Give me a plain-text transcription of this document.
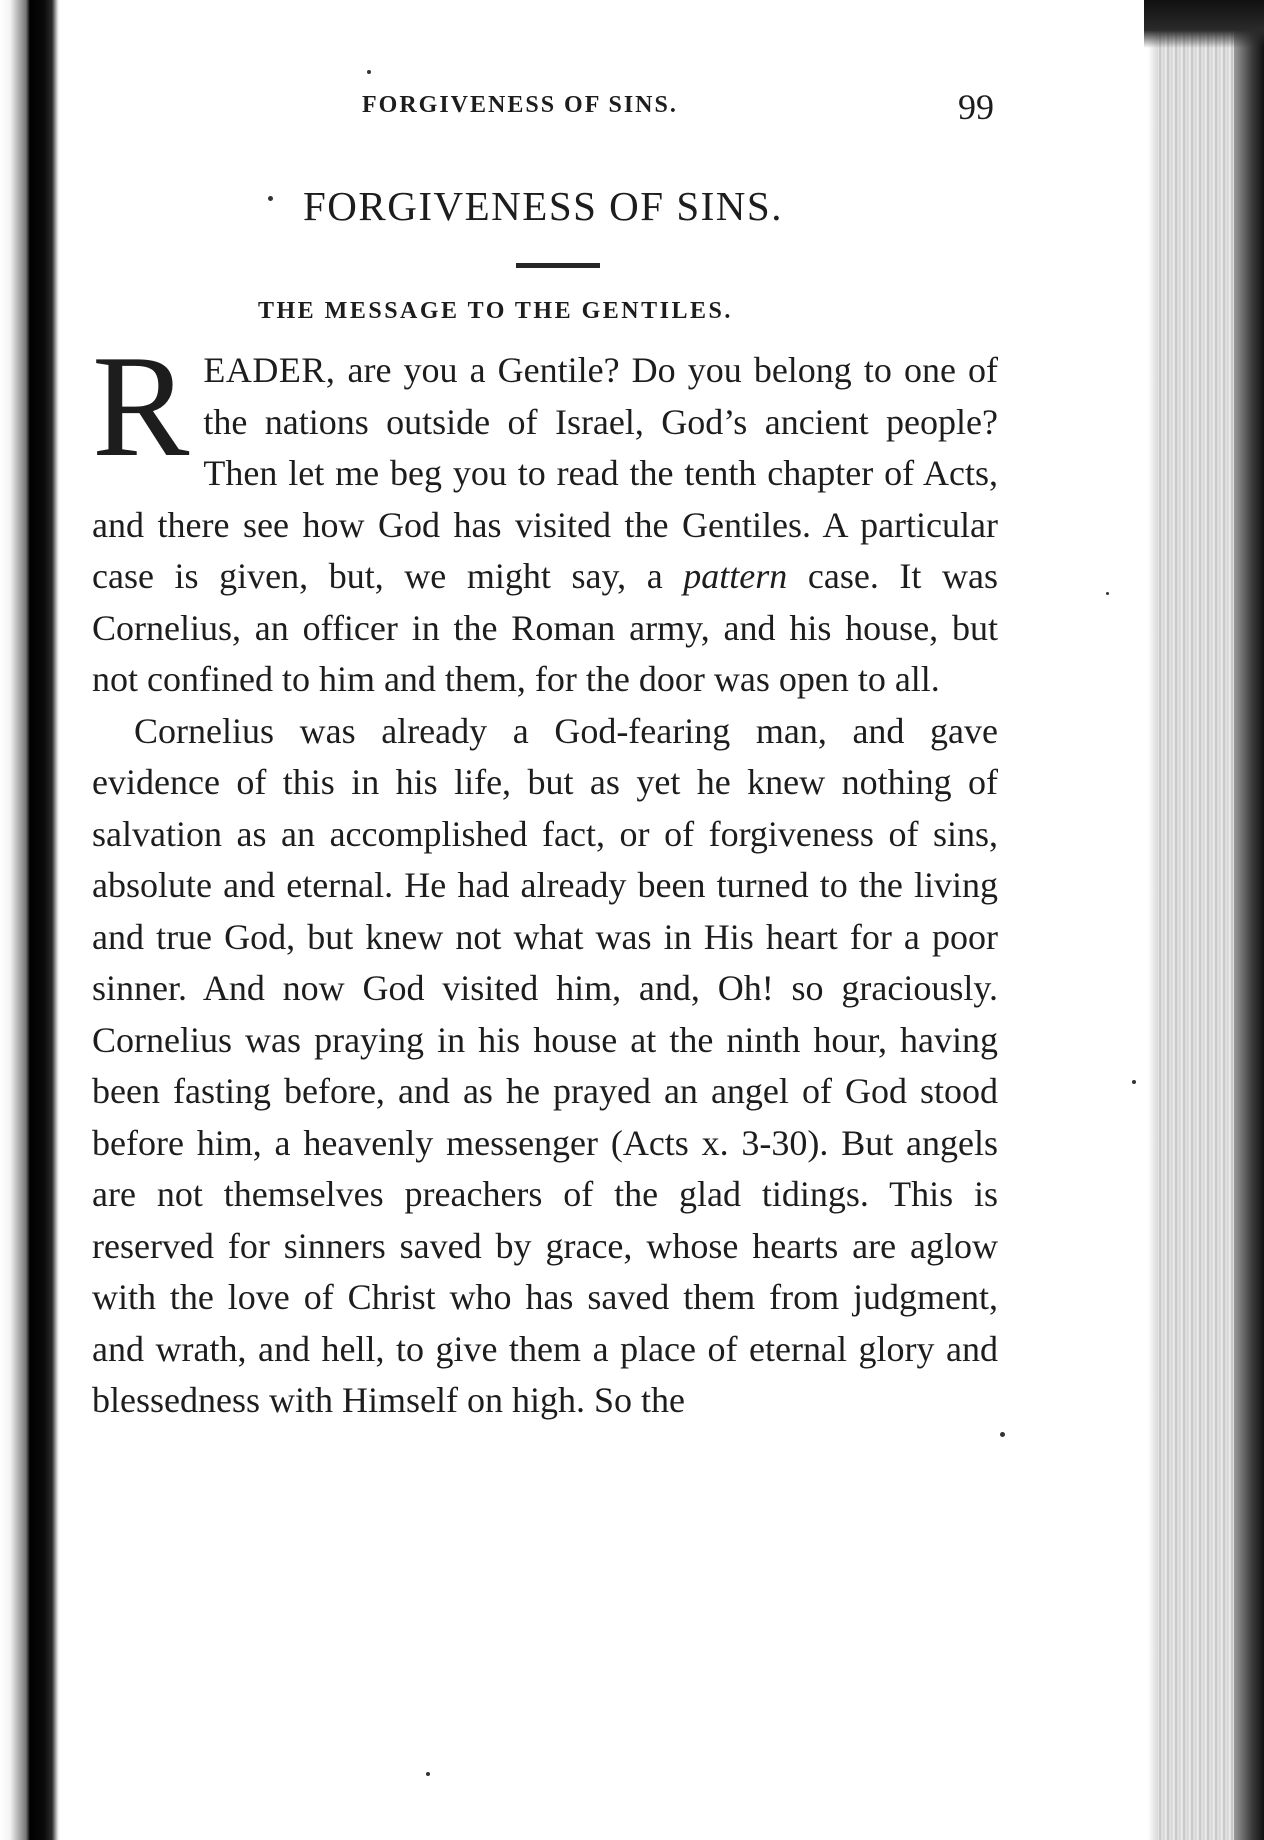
FORGIVENESS OF SINS.	99
FORGIVENESS OF SINS.
THE MESSAGE TO THE GENTILES.

READER, are you a Gentile? Do you belong to one of the nations outside of Israel, God’s ancient people? Then let me beg you to read the tenth chapter of Acts, and there see how God has visited the Gentiles. A particular case is given, but, we might say, a pattern case. It was Cornelius, an officer in the Roman army, and his house, but not confined to him and them, for the door was open to all.

Cornelius was already a God-fearing man, and gave evidence of this in his life, but as yet he knew nothing of salvation as an accomplished fact, or of forgiveness of sins, absolute and eternal. He had already been turned to the living and true God, but knew not what was in His heart for a poor sinner. And now God visited him, and, Oh! so graciously. Cornelius was praying in his house at the ninth hour, having been fasting before, and as he prayed an angel of God stood before him, a heavenly messenger (Acts x. 3-30). But angels are not themselves preachers of the glad tidings. This is reserved for sinners saved by grace, whose hearts are aglow with the love of Christ who has saved them from judgment, and wrath, and hell, to give them a place of eternal glory and blessedness with Himself on high. So the
